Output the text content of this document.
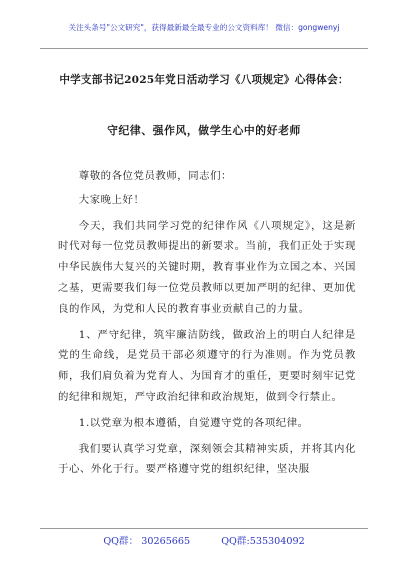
关注头条号"公文研究"，获得最新最全最专业的公文资料库！ 微信：gongwenyj
中学支部书记2025年党日活动学习《八项规定》心得体会：
守纪律、强作风，做学生心中的好老师

尊敬的各位党员教师，同志们：

大家晚上好！

今天，我们共同学习党的纪律作风《八项规定》，这是新时代对每一位党员教师提出的新要求。当前，我们正处于实现中华民族伟大复兴的关键时期，教育事业作为立国之本、兴国之基，更需要我们每一位党员教师以更加严明的纪律、更加优良的作风，为党和人民的教育事业贡献自己的力量。

1、严守纪律，筑牢廉洁防线，做政治上的明白人纪律是党的生命线，是党员干部必须遵守的行为准则。作为党员教师，我们肩负着为党育人、为国育才的重任，更要时刻牢记党的纪律和规矩，严守政治纪律和政治规矩，做到令行禁止。

1.以党章为根本遵循，自觉遵守党的各项纪律。

我们要认真学习党章，深刻领会其精神实质，并将其内化于心、外化于行。要严格遵守党的组织纪律，坚决服

QQ群： 30265665	QQ群:535304092
